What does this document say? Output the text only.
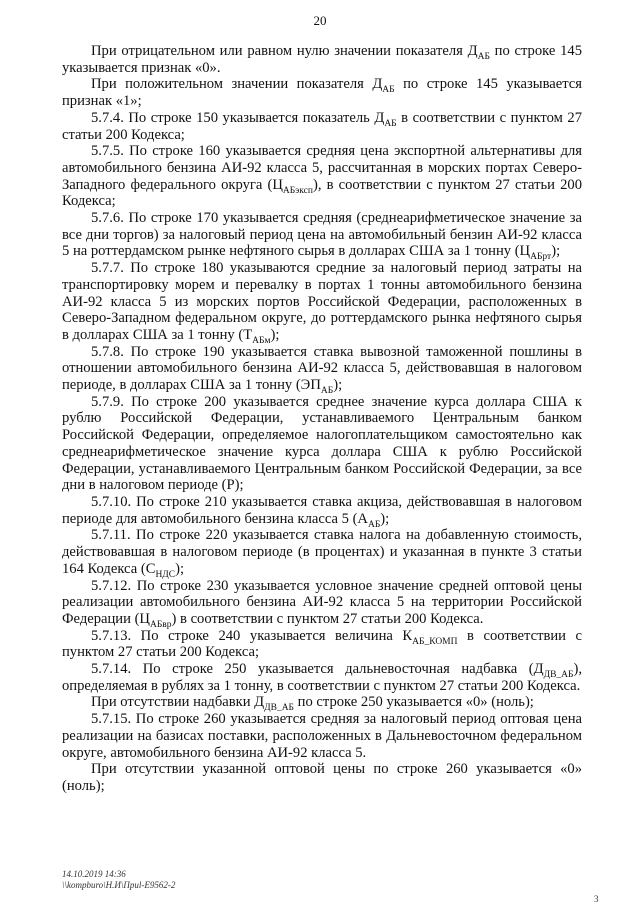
20

При отрицательном или равном нулю значении показателя $Д_{АБ}$ по строке 145 указывается признак «0».

При положительном значении показателя $Д_{АБ}$ по строке 145 указывается признак «1»;

5.7.4. По строке 150 указывается показатель $Д_{АБ}$ в соответствии с пунктом 27 статьи 200 Кодекса;

5.7.5. По строке 160 указывается средняя цена экспортной альтернативы для автомобильного бензина АИ-92 класса 5, рассчитанная в морских портах Северо-Западного федерального округа $(Ц_{АБэксп})$, в соответствии с пунктом 27 статьи 200 Кодекса;

5.7.6. По строке 170 указывается средняя (среднеарифметическое значение за все дни торгов) за налоговый период цена на автомобильный бензин АИ-92 класса 5 на роттердамском рынке нефтяного сырья в долларах США за 1 тонну $(Ц_{АБрт})$;

5.7.7. По строке 180 указываются средние за налоговый период затраты на транспортировку морем и перевалку в портах 1 тонны автомобильного бензина АИ-92 класса 5 из морских портов Российской Федерации, расположенных в Северо-Западном федеральном округе, до роттердамского рынка нефтяного сырья в долларах США за 1 тонну $(Т_{АБм})$;

5.7.8. По строке 190 указывается ставка вывозной таможенной пошлины в отношении автомобильного бензина АИ-92 класса 5, действовавшая в налоговом периоде, в долларах США за 1 тонну $(ЭП_{АБ})$;

5.7.9. По строке 200 указывается среднее значение курса доллара США к рублю Российской Федерации, устанавливаемого Центральным банком Российской Федерации, определяемое налогоплательщиком самостоятельно как среднеарифметическое значение курса доллара США к рублю Российской Федерации, устанавливаемого Центральным банком Российской Федерации, за все дни в налоговом периоде (Р);

5.7.10. По строке 210 указывается ставка акциза, действовавшая в налоговом периоде для автомобильного бензина класса 5 $(А_{АБ})$;

5.7.11. По строке 220 указывается ставка налога на добавленную стоимость, действовавшая в налоговом периоде (в процентах) и указанная в пункте 3 статьи 164 Кодекса $(С_{НДС})$;

5.7.12. По строке 230 указывается условное значение средней оптовой цены реализации автомобильного бензина АИ-92 класса 5 на территории Российской Федерации $(Ц_{АБвр})$ в соответствии с пунктом 27 статьи 200 Кодекса.

5.7.13. По строке 240 указывается величина $К_{АБ\_КОМП}$ в соответствии с пунктом 27 статьи 200 Кодекса;

5.7.14. По строке 250 указывается дальневосточная надбавка $(Д_{ДВ\_АБ})$, определяемая в рублях за 1 тонну, в соответствии с пунктом 27 статьи 200 Кодекса.

При отсутствии надбавки $Д_{ДВ\_АБ}$ по строке 250 указывается «0» (ноль);

5.7.15. По строке 260 указывается средняя за налоговый период оптовая цена реализации на базисах поставки, расположенных в Дальневосточном федеральном округе, автомобильного бензина АИ-92 класса 5.

При отсутствии указанной оптовой цены по строке 260 указывается «0» (ноль);

14.10.2019 14:36
\\kompburo\Н.И\Приl-E9562-2
3
